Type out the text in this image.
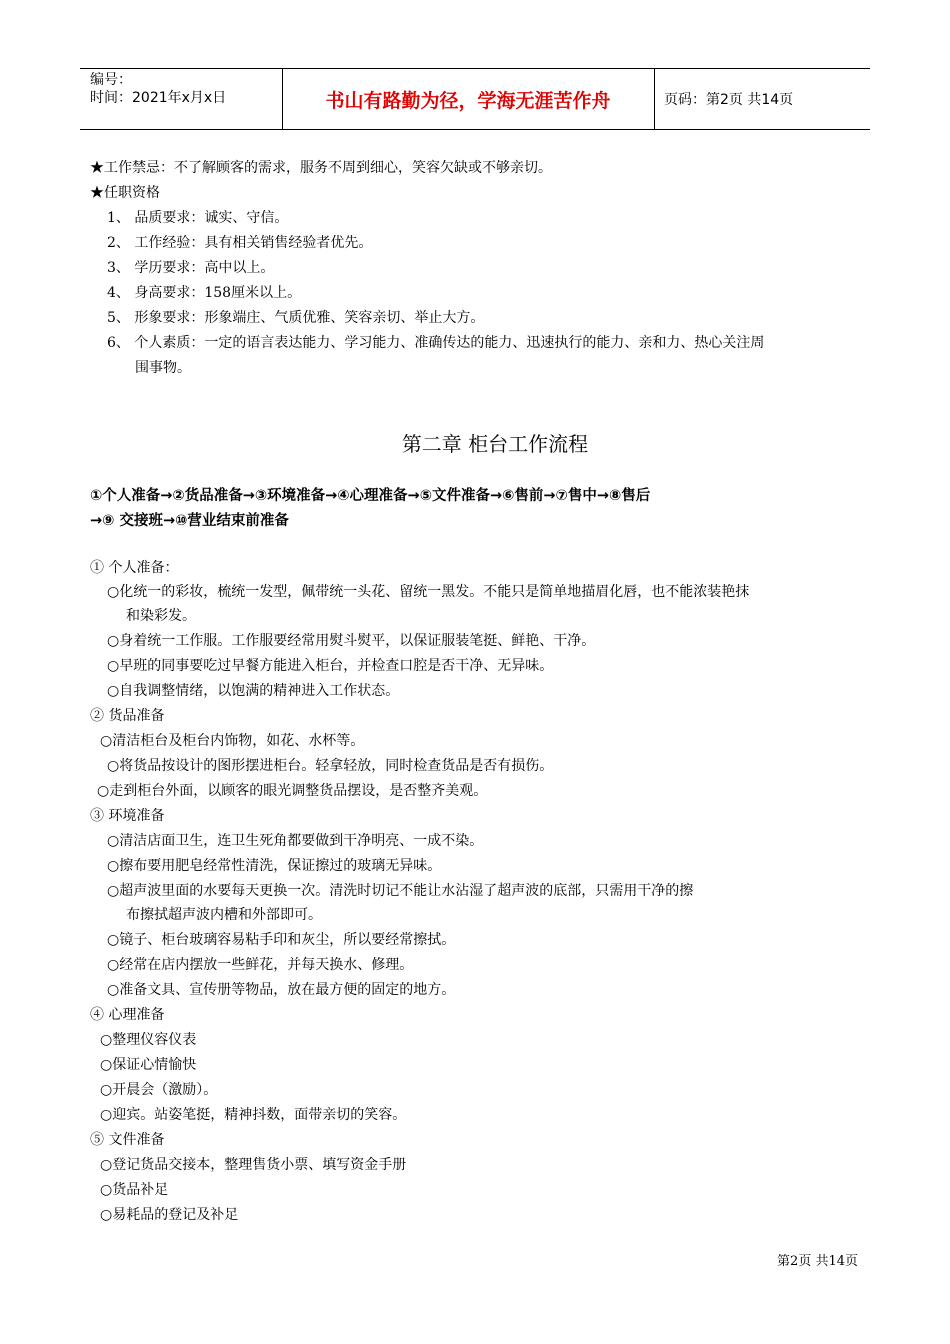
编号：
时间：2021年x月x日	书山有路勤为径，学海无涯苦作舟	页码：第2页 共14页
★工作禁忌：不了解顾客的需求，服务不周到细心，笑容欠缺或不够亲切。
★任职资格
1、 品质要求：诚实、守信。
2、 工作经验：具有相关销售经验者优先。
3、 学历要求：高中以上。
4、 身高要求：158厘米以上。
5、 形象要求：形象端庄、气质优雅、笑容亲切、举止大方。
6、 个人素质：一定的语言表达能力、学习能力、准确传达的能力、迅速执行的能力、亲和力、热心关注周
围事物。
第二章 柜台工作流程
①个人准备→②货品准备→③环境准备→④心理准备→⑤文件准备→⑥售前→⑦售中→⑧售后
→⑨ 交接班→⑩营业结束前准备
① 个人准备：
○化统一的彩妆，梳统一发型，佩带统一头花、留统一黑发。不能只是简单地描眉化唇，也不能浓装艳抹
和染彩发。
○身着统一工作服。工作服要经常用熨斗熨平，以保证服装笔挺、鲜艳、干净。
○早班的同事要吃过早餐方能进入柜台，并检查口腔是否干净、无异味。
○自我调整情绪，以饱满的精神进入工作状态。
② 货品准备
○清洁柜台及柜台内饰物，如花、水杯等。
○将货品按设计的图形摆进柜台。轻拿轻放，同时检查货品是否有损伤。
○走到柜台外面，以顾客的眼光调整货品摆设，是否整齐美观。
③ 环境准备
○清洁店面卫生，连卫生死角都要做到干净明亮、一成不染。
○擦布要用肥皂经常性清洗，保证擦过的玻璃无异味。
○超声波里面的水要每天更换一次。清洗时切记不能让水沾湿了超声波的底部，只需用干净的擦
布擦拭超声波内槽和外部即可。
○镜子、柜台玻璃容易粘手印和灰尘，所以要经常擦拭。
○经常在店内摆放一些鲜花，并每天换水、修理。
○准备文具、宣传册等物品，放在最方便的固定的地方。
④ 心理准备
○整理仪容仪表
○保证心情愉快
○开晨会（激励）。
○迎宾。站姿笔挺，精神抖数，面带亲切的笑容。
⑤ 文件准备
○登记货品交接本，整理售货小票、填写资金手册
○货品补足
○易耗品的登记及补足
第2页 共14页
